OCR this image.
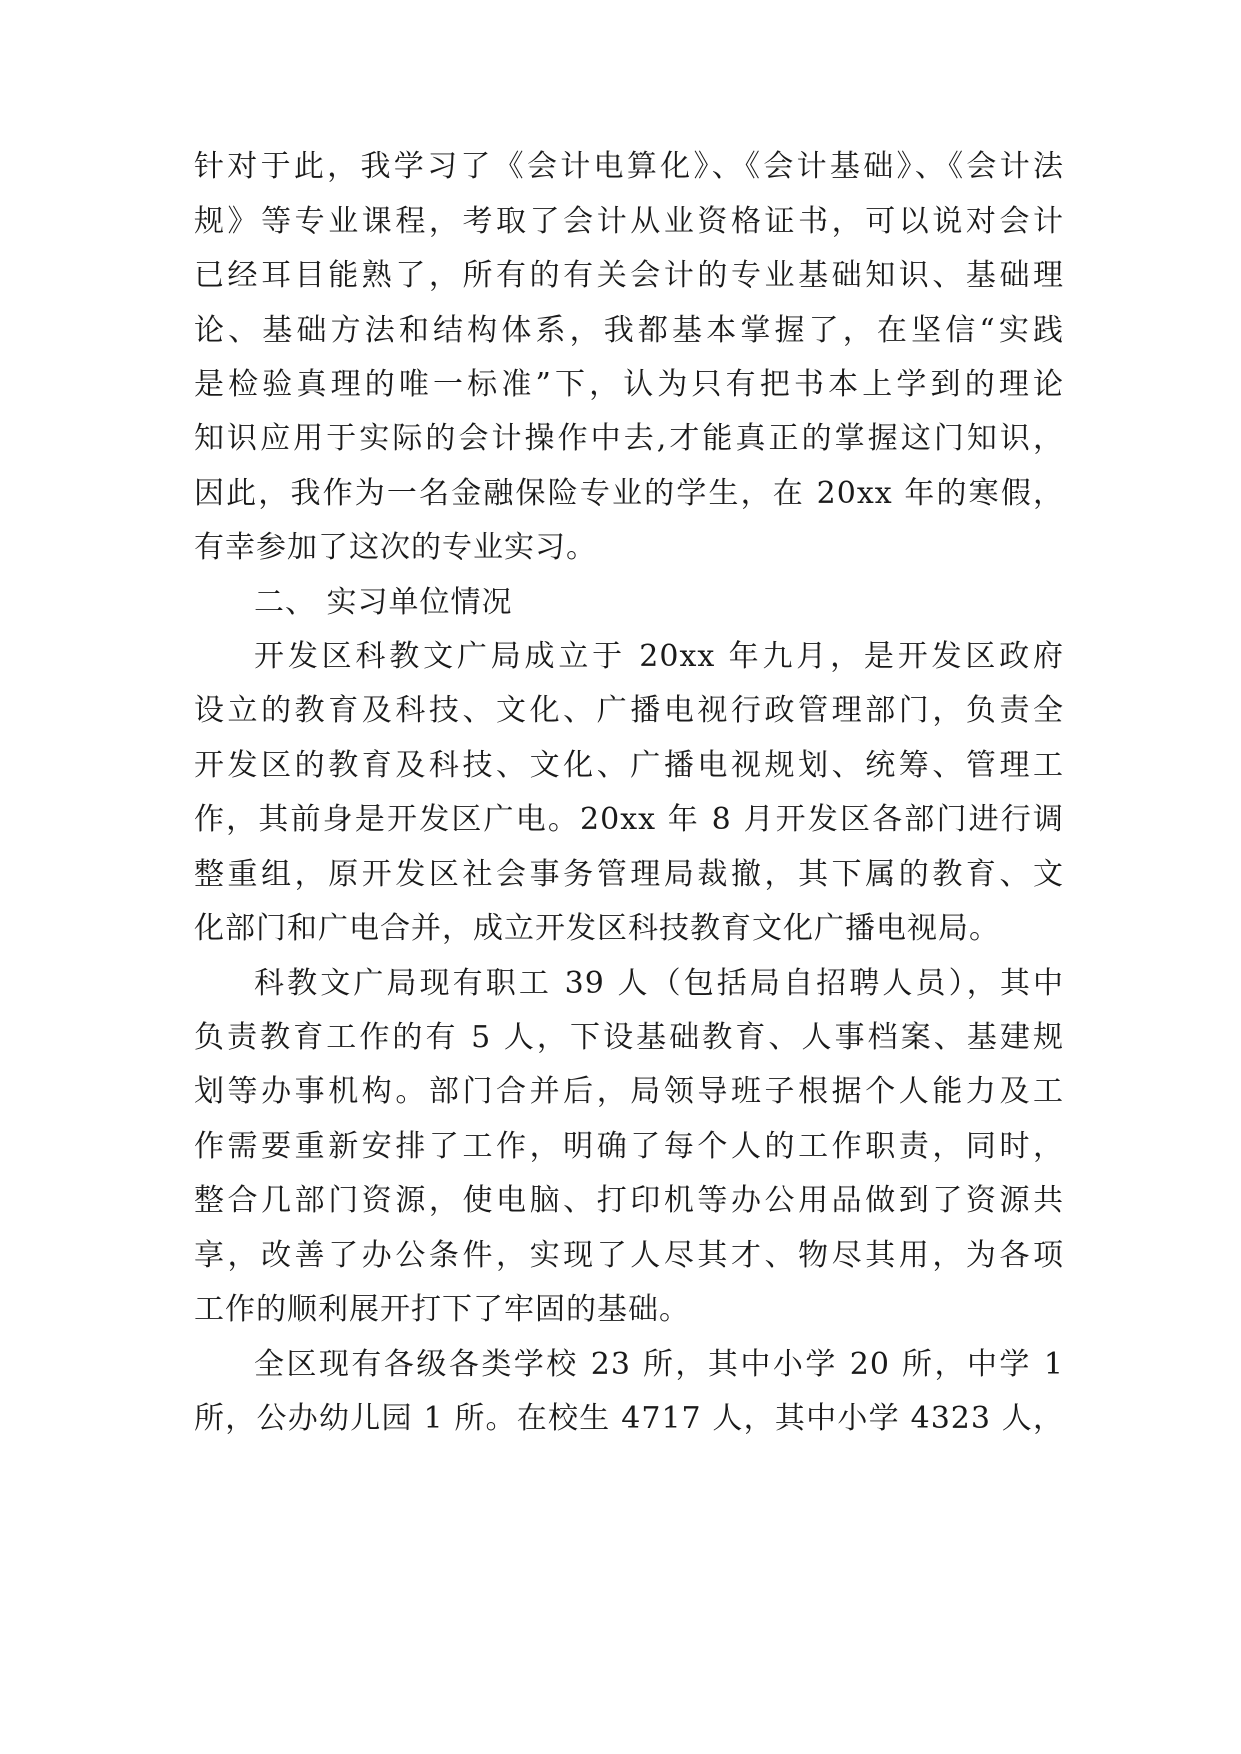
针对于此，我学习了《会计电算化》、《会计基础》、《会计法
规》等专业课程，考取了会计从业资格证书，可以说对会计
已经耳目能熟了，所有的有关会计的专业基础知识、基础理
论、基础方法和结构体系，我都基本掌握了，在坚信“实践
是检验真理的唯一标准”下，认为只有把书本上学到的理论
知识应用于实际的会计操作中去,才能真正的掌握这门知识，
因此，我作为一名金融保险专业的学生，在 20xx 年的寒假，
有幸参加了这次的专业实习。
二、 实习单位情况
开发区科教文广局成立于 20xx 年九月，是开发区政府
设立的教育及科技、文化、广播电视行政管理部门，负责全
开发区的教育及科技、文化、广播电视规划、统筹、管理工
作，其前身是开发区广电。20xx 年 8 月开发区各部门进行调
整重组，原开发区社会事务管理局裁撤，其下属的教育、文
化部门和广电合并，成立开发区科技教育文化广播电视局。
科教文广局现有职工 39 人（包括局自招聘人员），其中
负责教育工作的有 5 人，下设基础教育、人事档案、基建规
划等办事机构。部门合并后，局领导班子根据个人能力及工
作需要重新安排了工作，明确了每个人的工作职责，同时，
整合几部门资源，使电脑、打印机等办公用品做到了资源共
享，改善了办公条件，实现了人尽其才、物尽其用，为各项
工作的顺利展开打下了牢固的基础。
全区现有各级各类学校 23 所，其中小学 20 所，中学 1
所，公办幼儿园 1 所。在校生 4717 人，其中小学 4323 人，
